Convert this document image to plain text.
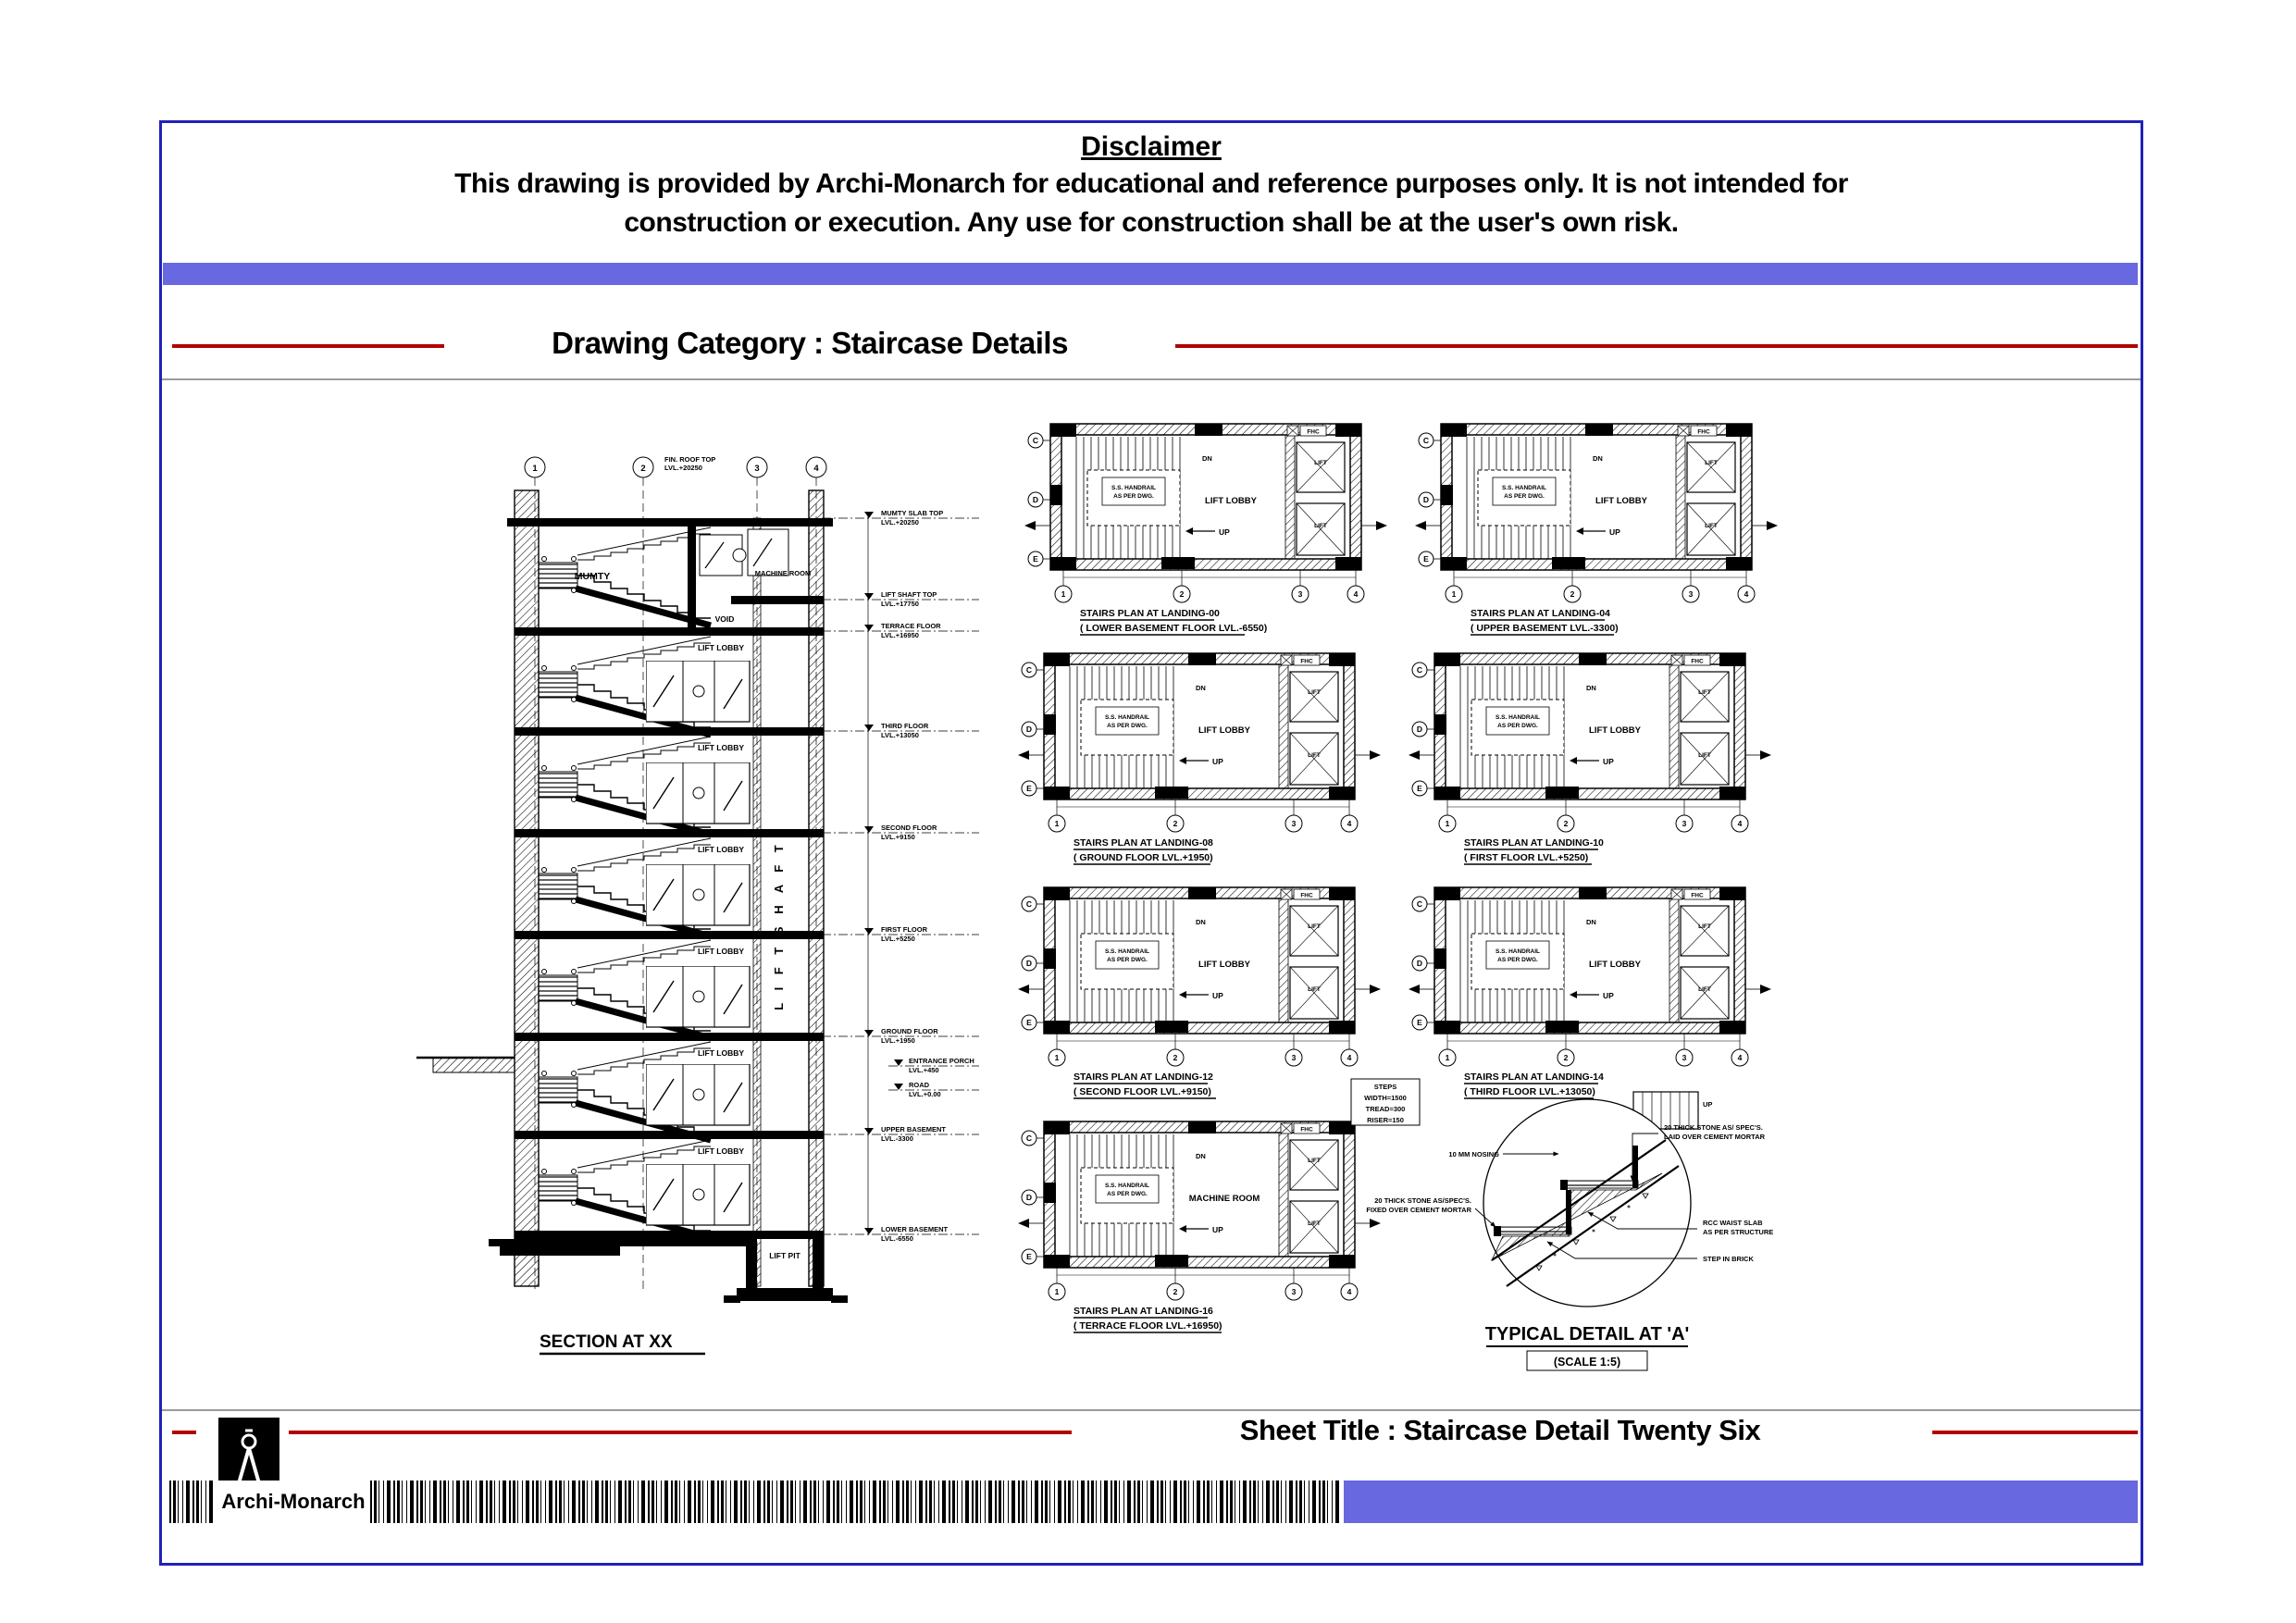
Disclaimer
This drawing is provided by Archi-Monarch for educational and reference purposes only. It is not intended for
construction or execution. Any use for construction shall be at the user's own risk.
Drawing Category : Staircase Details
1	2	3	4
FIN. ROOF TOP
LVL.+20250
MUMTY	MACHINE ROOM
VOID
LIFT LOBBY
LIFT LOBBY
LIFT LOBBY
LIFT LOBBY
LIFT LOBBY
LIFT LOBBY
L I F T S H A F T
LIFT PIT
SECTION AT XX
MUMTY SLAB TOP
LVL.+20250
LIFT SHAFT TOP
LVL.+17750
TERRACE FLOOR
LVL.+16950
THIRD FLOOR
LVL.+13050
SECOND FLOOR
LVL.+9150
FIRST FLOOR
LVL.+5250
GROUND FLOOR
LVL.+1950
ENTRANCE PORCH
LVL.+450
ROAD
LVL.+0.00
UPPER BASEMENT
LVL.-3300
LOWER BASEMENT
LVL.-6550
LIFT LOBBY
STAIRS PLAN AT LANDING-00
( LOWER BASEMENT FLOOR LVL.-6550)
LIFT LOBBY
STAIRS PLAN AT LANDING-04
( UPPER BASEMENT LVL.-3300)
LIFT LOBBY
STAIRS PLAN AT LANDING-08
( GROUND FLOOR LVL.+1950)
LIFT LOBBY
STAIRS PLAN AT LANDING-10
( FIRST FLOOR LVL.+5250)
LIFT LOBBY
STAIRS PLAN AT LANDING-12
( SECOND FLOOR LVL.+9150)
LIFT LOBBY
STAIRS PLAN AT LANDING-14
( THIRD FLOOR LVL.+13050)
MACHINE ROOM
UP
STAIRS PLAN AT LANDING-16
( TERRACE FLOOR LVL.+16950)
STEPS
WIDTH=1500
TREAD=300
RISER=150
20 THICK STONE AS/ SPEC'S.
LAID OVER CEMENT MORTAR
10 MM NOSING
20 THICK STONE AS/SPEC'S.
FIXED OVER CEMENT MORTAR
RCC WAIST SLAB
AS PER STRUCTURE
STEP IN BRICK
TYPICAL DETAIL AT 'A'
(SCALE 1:5)
Sheet Title : Staircase Detail Twenty Six
Archi-Monarch
